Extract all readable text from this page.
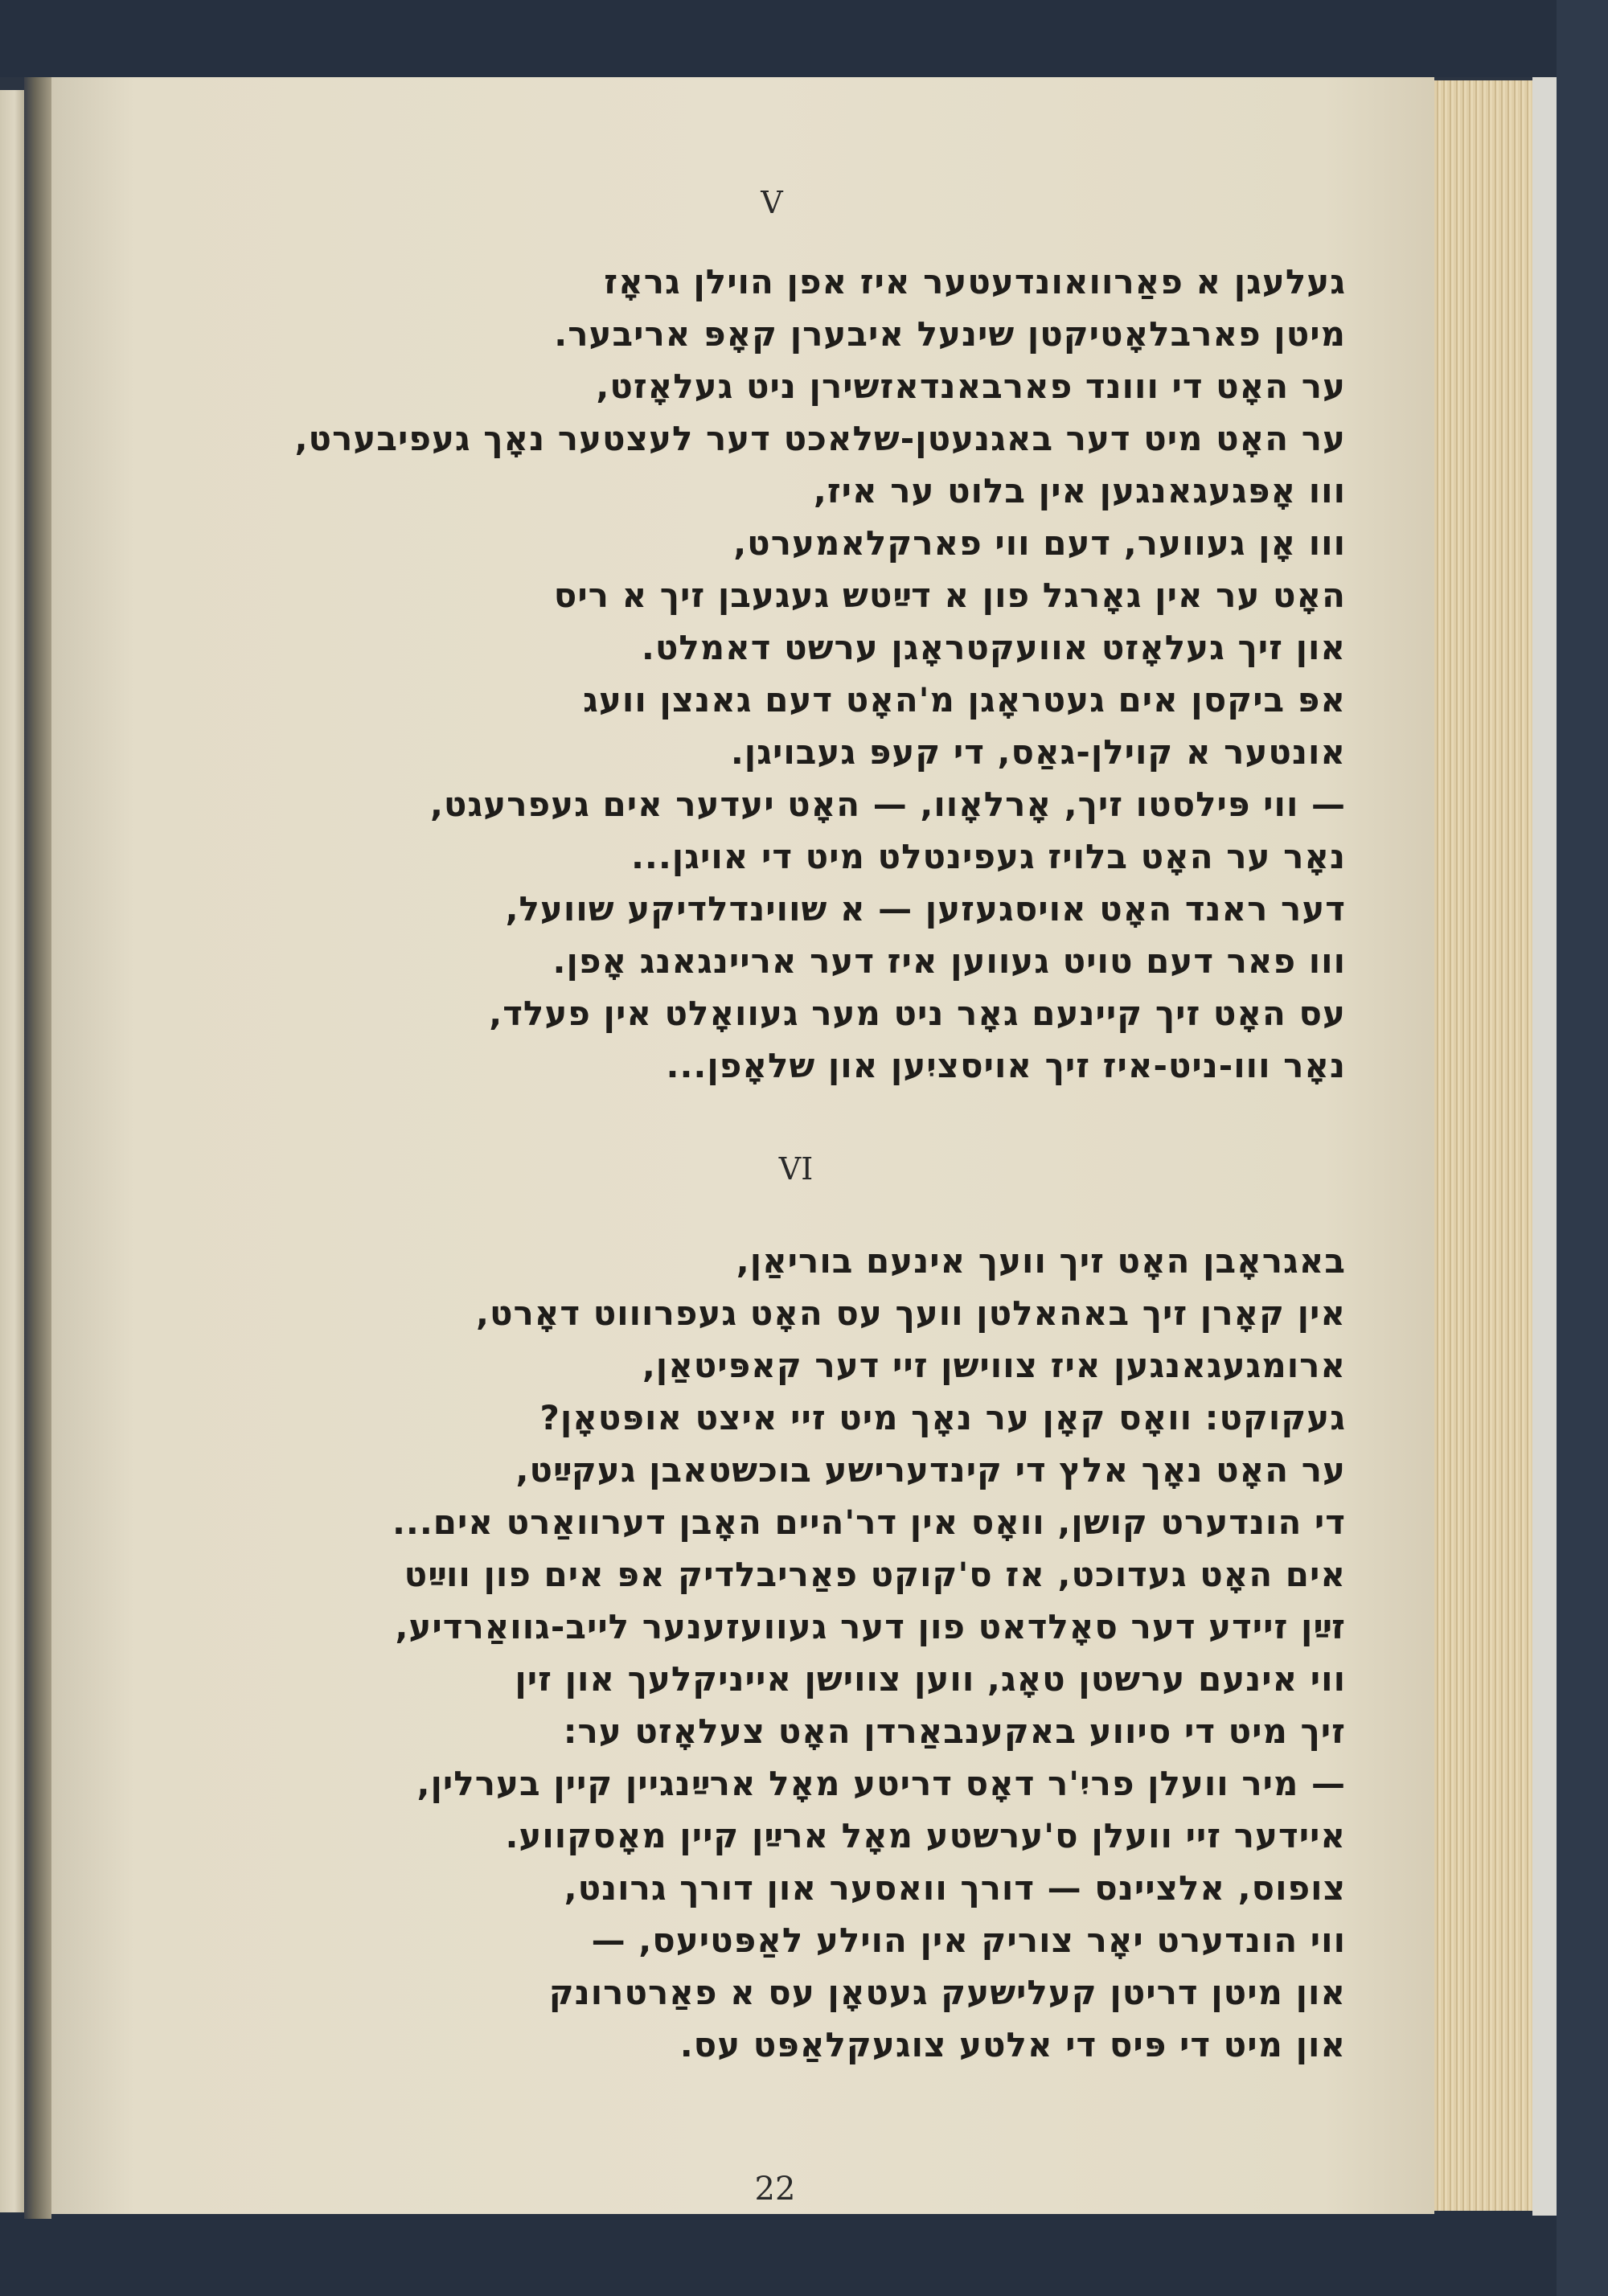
V
געלעגן א פאַרוואונדעטער איז אפן הוילן גראָז
מיטן פארבלאָטיקטן שינעל איבערן קאָפּ אריבער.
ער האָט די ווונד פארבאנדאזשירן ניט געלאָזט,
ער האָט מיט דער באגנעטן-שלאכט דער לעצטער נאָך געפיבערט,
ווו אָפּגעגאנגען אין בלוט ער איז,
ווו אָן געווער, דעם ווי פארקלאמערט,
האָט ער אין גאָרגל פון א דײַטש געגעבן זיך א ריס
און זיך געלאָזט אוועקטראָגן ערשט דאמלט.
אפּ ביקסן אים געטראָגן מ'האָט דעם גאנצן וועג
אונטער א קוילן-גאַס, די קעפּ געבויגן.
— ווי פּילסטו זיך, אָרלאָוו, — האָט יעדער אים געפרעגט,
נאָר ער האָט בלויז געפינטלט מיט די אויגן...
דער ראנד האָט אויסגעזען — א שווינדלדיקע שוועל,
ווו פאר דעם טויט געווען איז דער אריינגאנג אָפן.
עס האָט זיך קיינעם גאָר ניט מער געוואָלט אין פעלד,
נאָר ווו-ניט-איז זיך אויסציִען און שלאָפן...
VI
באגראָבן האָט זיך וועך אינעם בוריאַן,
אין קאָרן זיך באהאלטן וועך עס האָט געפרוווט דאָרט,
ארומגעגאנגען איז צווישן זיי דער קאפּיטאַן,
געקוקט: וואָס קאָן ער נאָך מיט זיי איצט אופּטאָן?
ער האָט נאָך אלץ די קינדערישע בוכשטאבן געקײַט,
די הונדערט קושן, וואָס אין דר'היים האָבן דערוואַרט אים...
אים האָט געדוכט, אז ס'קוקט פאַריבלדיק אפּ אים פון ווײַט
זײַן זיידע דער סאָלדאט פון דער געוועזענער לייב-גוואַרדיע,
ווי אינעם ערשטן טאָג, ווען צווישן אייניקלעך און זין
זיך מיט די סיווע באקענבאַרדן האָט צעלאָזט ער:
— מיר וועלן פריִ'ר דאָס דריטע מאָל ארײַנגיין קיין בערלין,
איידער זיי וועלן ס'ערשטע מאָל ארײַן קיין מאָסקווע.
צופוס, אלציינס — דורך וואסער און דורך גרונט,
ווי הונדערט יאָר צוריק אין הוילע לאַפּטיעס, —
און מיטן דריטן קעלישעק געטאָן עס א פאַרטרונק
און מיט די פּיס די אלטע צוגעקלאַפּט עס.
22
